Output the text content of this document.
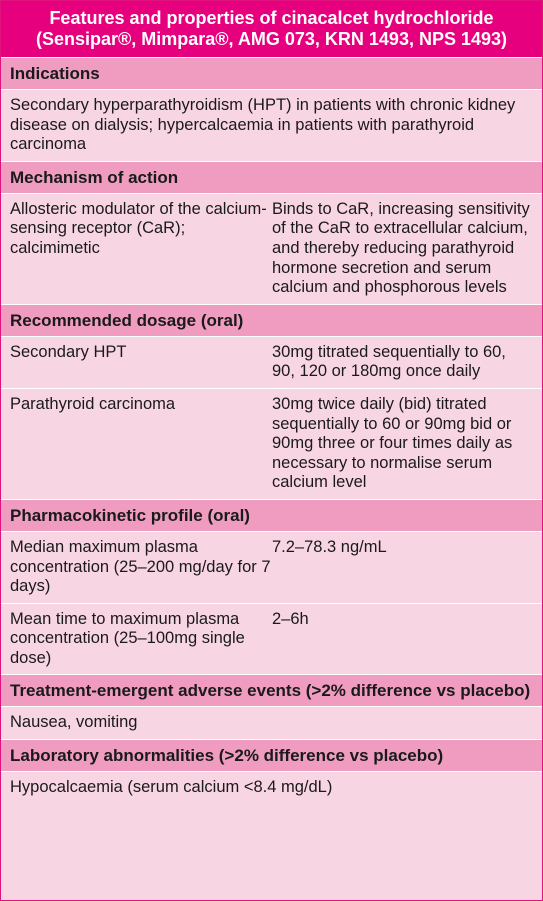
Features and properties of cinacalcet hydrochloride
(Sensipar®, Mimpara®, AMG 073, KRN 1493, NPS 1493)
Indications
Secondary hyperparathyroidism (HPT) in patients with chronic kidney disease on dialysis; hypercalcaemia in patients with parathyroid carcinoma
Mechanism of action
Allosteric modulator of the calcium-sensing receptor (CaR); calcimimetic
Binds to CaR, increasing sensitivity of the CaR to extracellular calcium, and thereby reducing parathyroid hormone secretion and serum calcium and phosphorous levels
Recommended dosage (oral)
Secondary HPT	30mg titrated sequentially to 60, 90, 120 or 180mg once daily
Parathyroid carcinoma	30mg twice daily (bid) titrated sequentially to 60 or 90mg bid or 90mg three or four times daily as necessary to normalise serum calcium level
Pharmacokinetic profile (oral)
Median maximum plasma concentration (25–200 mg/day for 7 days)
7.2–78.3 ng/mL
Mean time to maximum plasma concentration (25–100mg single dose)
2–6h
Treatment-emergent adverse events (>2% difference vs placebo)
Nausea, vomiting
Laboratory abnormalities (>2% difference vs placebo)
Hypocalcaemia (serum calcium <8.4 mg/dL)
